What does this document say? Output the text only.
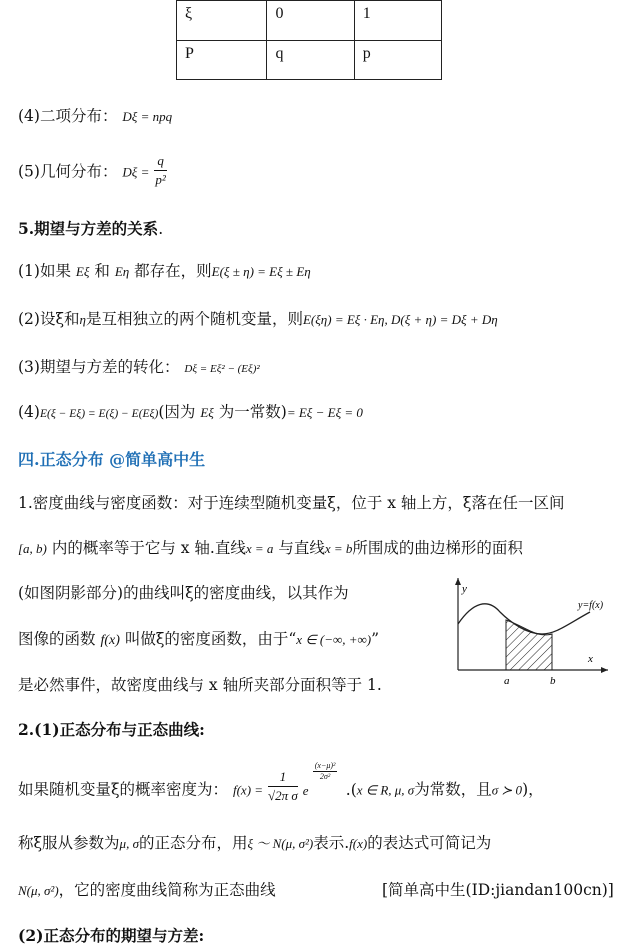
ξ	0	1
P	q	p
(4)二项分布： Dξ = npq
(5)几何分布： $D\xi = \frac{q}{\text{p²}}$
5.期望与方差的关系.
(1)如果 Eξ 和 Eη 都存在，则E(ξ ± η) = Eξ ± Eη
(2)设ξ和η是互相独立的两个随机变量，则E(ξη) = Eξ · Eη, D(ξ + η) = Dξ + Dη
(3)期望与方差的转化： Dξ = Eξ² − (Eξ)²
(4)E(ξ − Eξ) = E(ξ) − E(Eξ)(因为 Eξ 为一常数)= Eξ − Eξ = 0
四.正态分布 @简单高中生
1.密度曲线与密度函数：对于连续型随机变量ξ，位于 x 轴上方，ξ落在任一区间
[a, b) 内的概率等于它与 x 轴.直线x = a 与直线x = b所围成的曲边梯形的面积
(如图阴影部分)的曲线叫ξ的密度曲线，以其作为
图像的函数 f(x) 叫做ξ的密度函数，由于“x ∈ (−∞, +∞)”
是必然事件，故密度曲线与 x 轴所夹部分面积等于 1.
y
x
y=f(x)
a	b
2.(1)正态分布与正态曲线:
如果随机变量ξ的概率密度为： $f(x) = \frac{1}{\text{√2π σ}}$ e
$\frac{\text{(x−μ)²}}{\text{2σ²}}$
.(x ∈ R, μ, σ为常数，且σ ≻ 0)，
称ξ服从参数为μ, σ的正态分布，用ξ ～ N(μ, σ²)表示.f(x)的表达式可简记为
N(μ, σ²)，它的密度曲线简称为正态曲线	[简单高中生(ID:jiandan100cn)]
(2)正态分布的期望与方差:
